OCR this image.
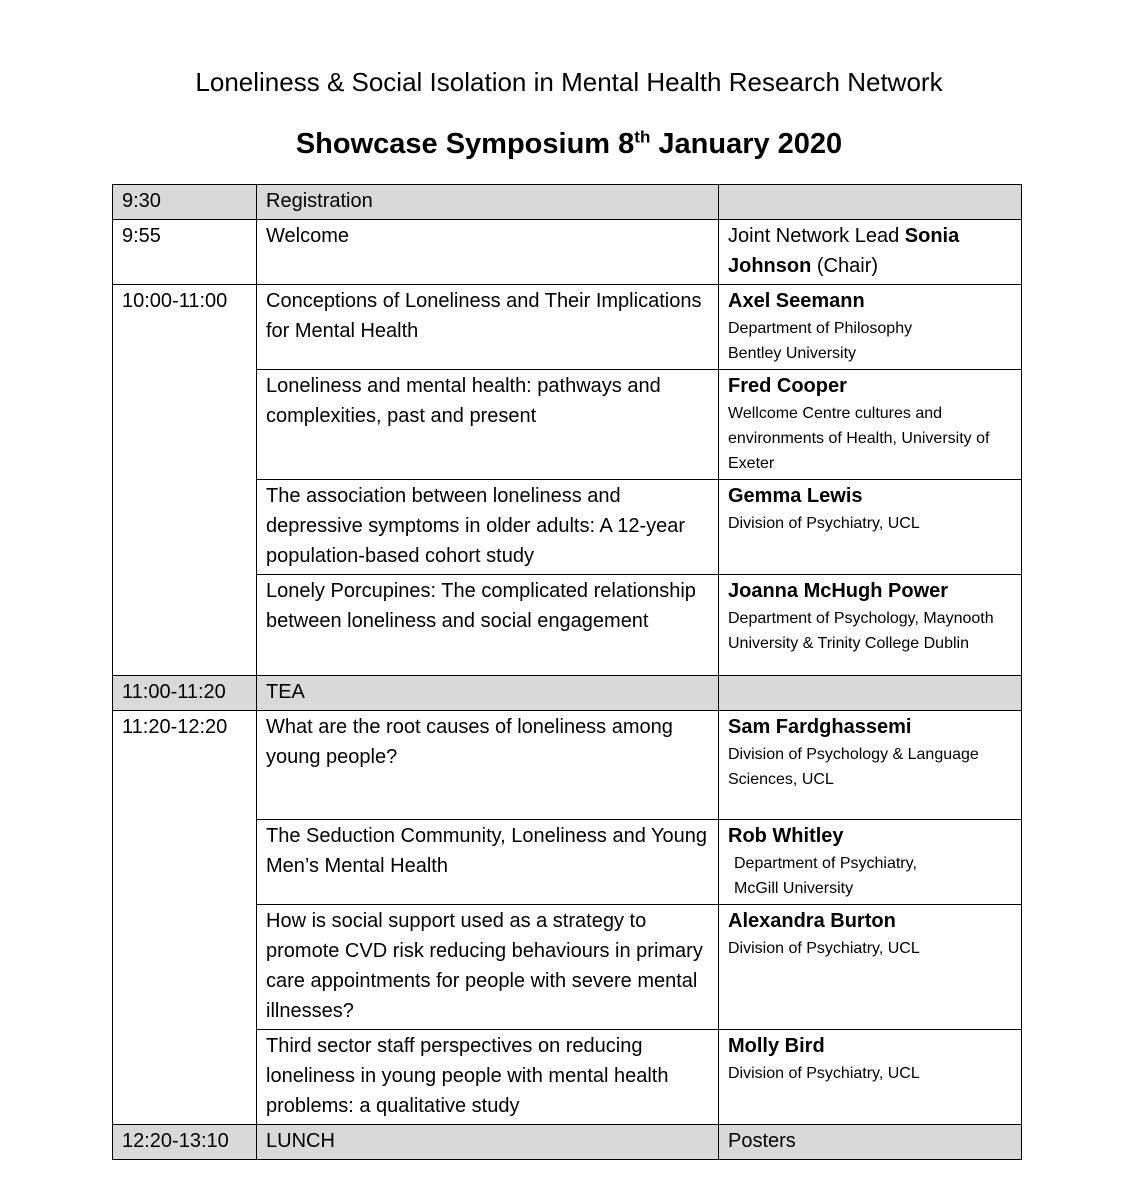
Loneliness & Social Isolation in Mental Health Research Network
Showcase Symposium 8th January 2020
9:30	Registration	
9:55	Welcome	Joint Network Lead Sonia Johnson (Chair)
10:00-11:00	Conceptions of Loneliness and Their Implications for Mental Health	Axel Seemann
Department of Philosophy Bentley University

	Loneliness and mental health: pathways and complexities, past and present	Fred Cooper
Wellcome Centre cultures and environments of Health, University of Exeter

	The association between loneliness and depressive symptoms in older adults: A 12-year population-based cohort study	Gemma Lewis
Division of Psychiatry, UCL

	Lonely Porcupines: The complicated relationship between loneliness and social engagement	Joanna McHugh Power
Department of Psychology, Maynooth University & Trinity College Dublin

11:00-11:20	TEA	
11:20-12:20	What are the root causes of loneliness among young people?	Sam Fardghassemi
Division of Psychology & Language Sciences, UCL

	The Seduction Community, Loneliness and Young Men’s Mental Health	Rob Whitley
Department of Psychiatry, McGill University

	How is social support used as a strategy to promote CVD risk reducing behaviours in primary care appointments for people with severe mental illnesses?	Alexandra Burton
Division of Psychiatry, UCL

	Third sector staff perspectives on reducing loneliness in young people with mental health problems: a qualitative study	Molly Bird
Division of Psychiatry, UCL

12:20-13:10	LUNCH	Posters
